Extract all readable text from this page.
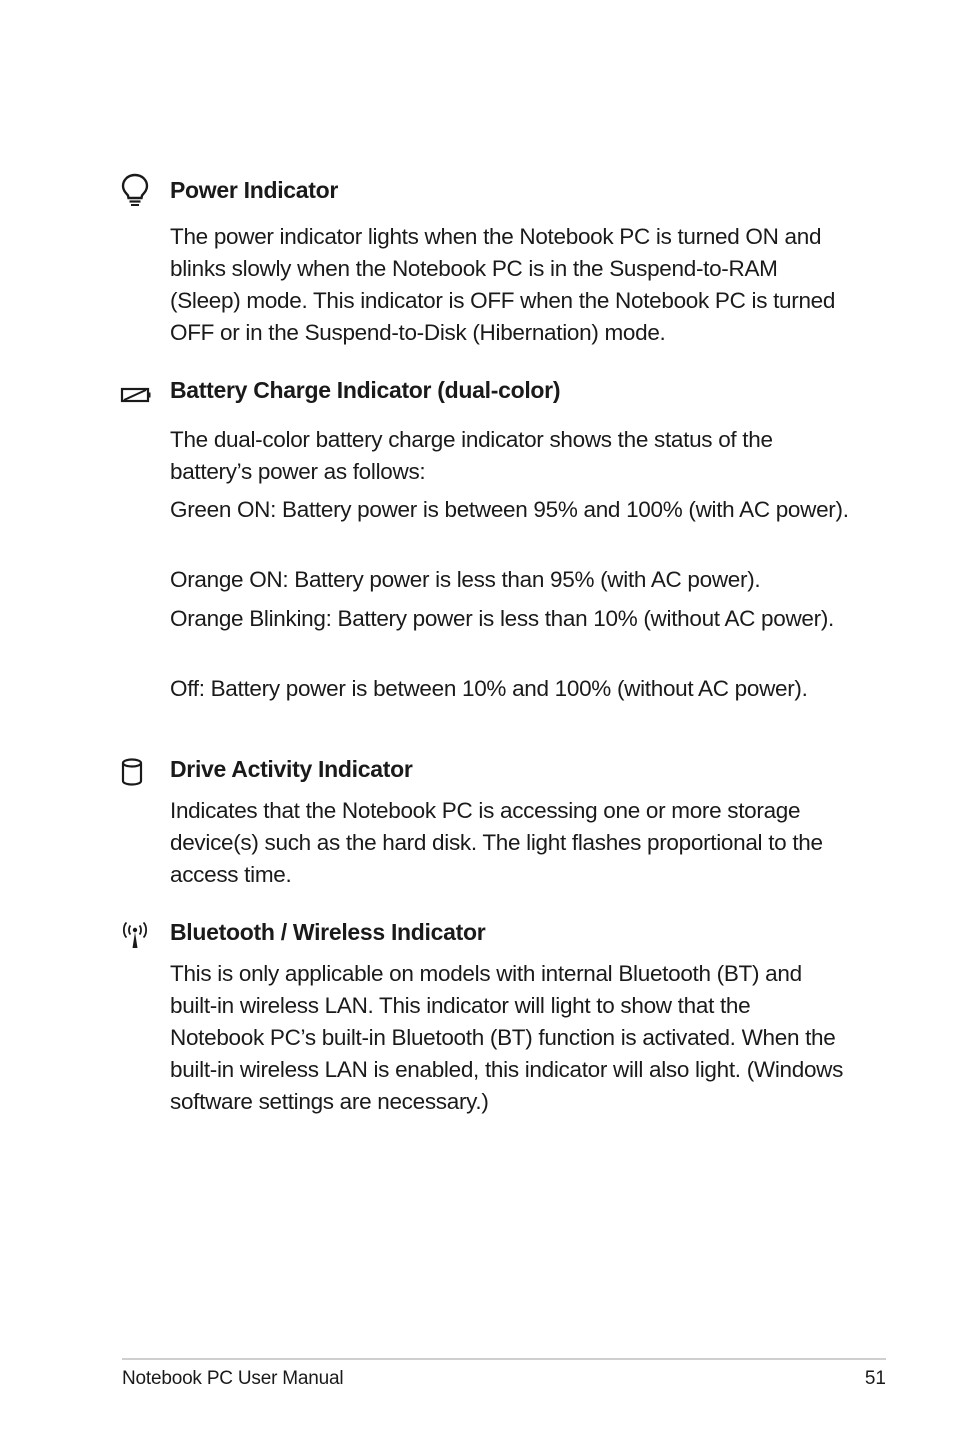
Power Indicator

The power indicator lights when the Notebook PC is turned ON and blinks slowly when the Notebook PC is in the Suspend-to-RAM (Sleep) mode. This indicator is OFF when the Notebook PC is turned OFF or in the Suspend-to-Disk (Hibernation) mode.

Battery Charge Indicator (dual-color)

The dual-color battery charge indicator shows the status of the battery’s power as follows:

Green ON: Battery power is between 95% and 100% (with AC power).

Orange ON: Battery power is less than 95% (with AC power).

Orange Blinking: Battery power is less than 10% (without AC power).

Off: Battery power is between 10% and 100% (without AC power).

Drive Activity Indicator

Indicates that the Notebook PC is accessing one or more storage device(s) such as the hard disk. The light flashes proportional to the access time.

Bluetooth / Wireless Indicator

This is only applicable on models with internal Bluetooth (BT) and built-in wireless LAN. This indicator will light to show that the Notebook PC’s built-in Bluetooth (BT) function is activated. When the built-in wireless LAN is enabled, this indicator will also light. (Windows software settings are necessary.)

Notebook PC User Manual	51
